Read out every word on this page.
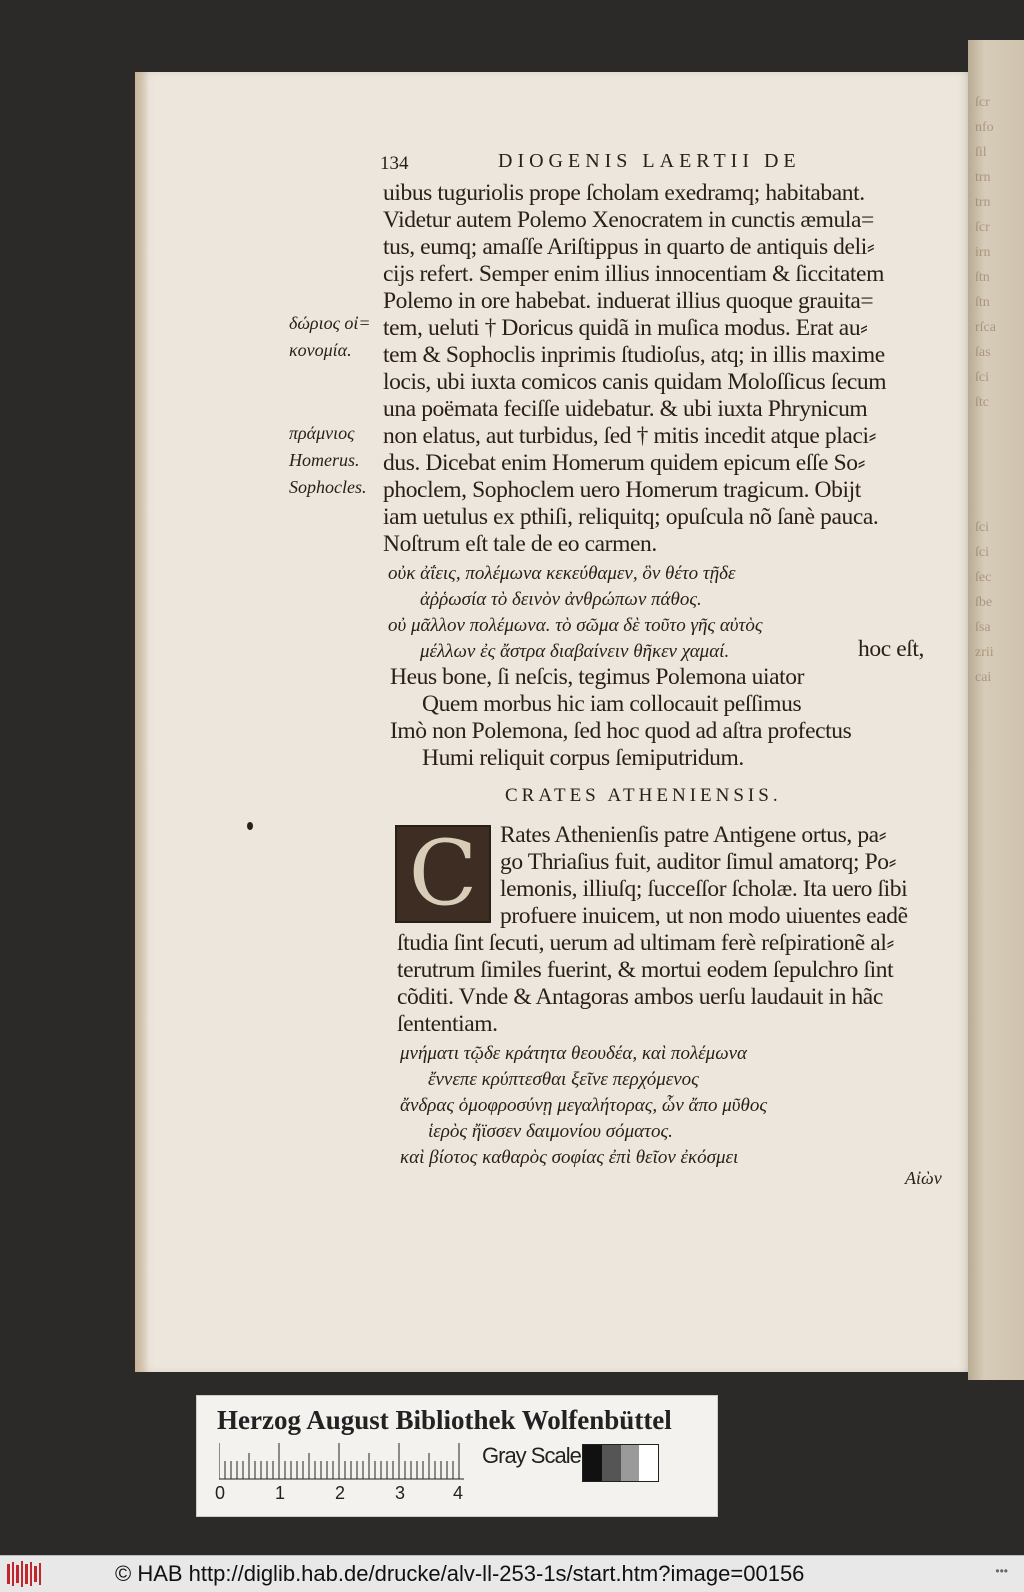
ſcr
nfo
ſil
trn
trn
ſcr
irn
ſtn
ſtn
rſca
ſas
ſci
ſtc

ſci
ſci
ſec
ſbe
ſsa
zrii
cai
134	DIOGENIS LAERTII DE
uibus tuguriolis prope ſcholam exedramq; habitabant.
Videtur autem Polemo Xenocratem in cunctis æmula=
tus, eumq; amaſſe Ariſtippus in quarto de antiquis deli⸗
cijs refert. Semper enim illius innocentiam & ſiccitatem
Polemo in ore habebat. induerat illius quoque grauita=
tem, ueluti † Doricus quidã in muſica modus. Erat au⸗
tem & Sophoclis inprimis ſtudioſus, atq; in illis maxime
locis, ubi iuxta comicos canis quidam Moloſſicus ſecum
una poëmata feciſſe uidebatur. & ubi iuxta Phrynicum
non elatus, aut turbidus, ſed † mitis incedit atque placi⸗
dus. Dicebat enim Homerum quidem epicum eſſe So⸗
phoclem, Sophoclem uero Homerum tragicum. Obijt
iam uetulus ex pthiſi, reliquitq; opuſcula nõ ſanè pauca.
Noſtrum eſt tale de eo carmen.
δώριος οἰ=
κονομία.
πράμνιος
Homerus.
Sophocles.
οὐκ ἀΐεις, πολέμωνα κεκεύθαμεν, ὃν θέτο τῇδε
ἀῤῥωσία τὸ δεινὸν ἀνθρώπων πάθος.
οὐ μᾶλλον πολέμωνα. τὸ σῶμα δὲ τοῦτο γῆς αὐτὸς
μέλλων ἐς ἄστρα διαβαίνειν θῆκεν χαμαί.	hoc eſt,
Heus bone, ſi neſcis, tegimus Polemona uiator
Quem morbus hic iam collocauit peſſimus
Imò non Polemona, ſed hoc quod ad aſtra profectus
Humi reliquit corpus ſemiputridum.
CRATES ATHENIENSIS.
C Rates Athenienſis patre Antigene ortus, pa⸗
go Thriaſius fuit, auditor ſimul amatorq; Po⸗
lemonis, illiuſq; ſucceſſor ſcholæ. Ita uero ſibi
profuere inuicem, ut non modo uiuentes eadẽ
ſtudia ſint ſecuti, uerum ad ultimam ferè reſpirationẽ al⸗
terutrum ſimiles fuerint, & mortui eodem ſepulchro ſint
cõditi. Vnde & Antagoras ambos uerſu laudauit in hãc
ſententiam.
μνήματι τῷδε κράτητα θεουδέα, καὶ πολέμωνα
ἔννεπε κρύπτεσθαι ξεῖνε περχόμενος
ἄνδρας ὁμοφροσύνῃ μεγαλήτορας, ὧν ἄπο μῦθος
ἱερὸς ἤϊσσεν δαιμονίου σόματος.
καὶ βίοτος καθαρὸς σοφίας ἐπὶ θεῖον ἐκόσμει
Αἰὼν
Herzog August Bibliothek Wolfenbüttel
0	1	2	3	4
Gray Scale
© HAB http://diglib.hab.de/drucke/alv-ll-253-1s/start.htm?image=00156	•••
